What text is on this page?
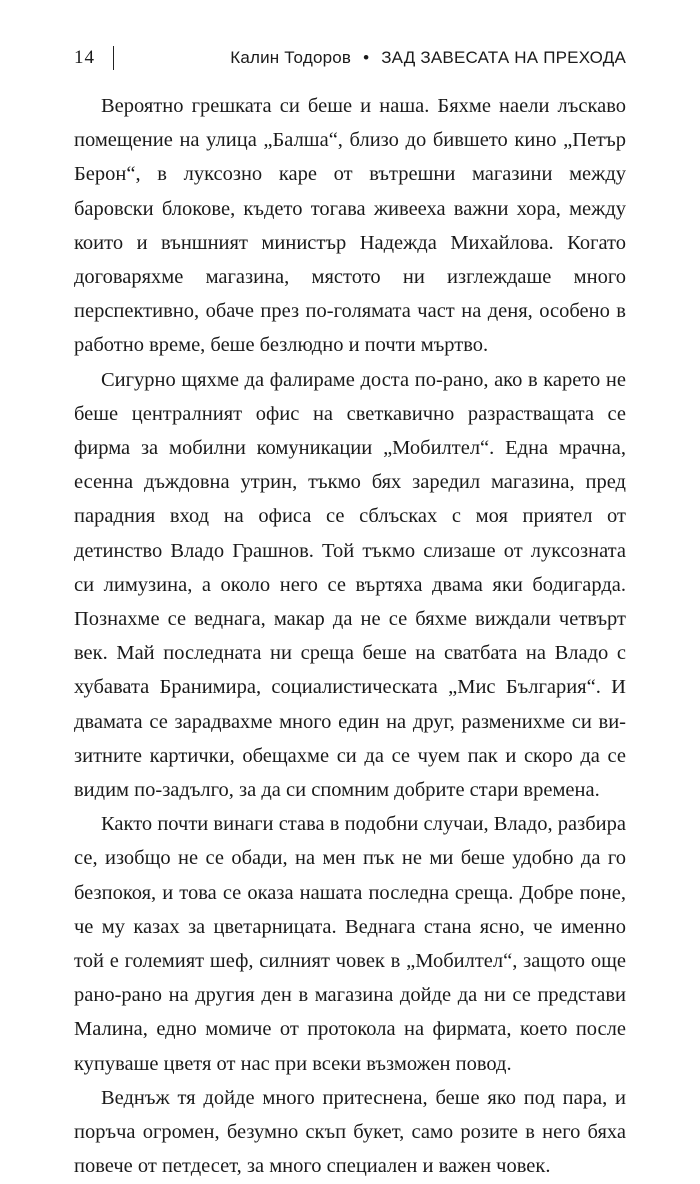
14	Калин Тодоров • ЗАД ЗАВЕСАТА НА ПРЕХОДА

Вероятно грешката си беше и наша. Бяхме наели лъскаво помещение на улица „Балша“, близо до бившето кино „Петър Берон“, в луксозно каре от вътрешни магазини между баровски блокове, където тогава живееха важни хора, между които и външният министър Надежда Михайлова. Когато договаряхме магазина, мястото ни изглеждаше много перспективно, обаче през по-голямата част на деня, особено в работно време, беше безлюдно и почти мъртво.

Сигурно щяхме да фалираме доста по-рано, ако в карето не беше централният офис на светкавично разрастващата се фирма за мобилни комуникации „Мобилтел“. Една мрачна, есенна дъждовна утрин, тъкмо бях заредил магазина, пред парадния вход на офиса се сблъсках с моя приятел от детинство Владо Грашнов. Той тъкмо слизаше от луксозната си лимузина, а около него се въртяха двама яки бодигарда. Познахме се веднага, макар да не се бяхме виждали четвърт век. Май последната ни среща беше на сватбата на Владо с хубавата Бранимира, социалистическата „Мис България“. И двамата се зарадвахме много един на друг, разменихме си визитните картички, обещахме си да се чуем пак и скоро да се видим по-задълго, за да си спомним добрите стари времена.

Както почти винаги става в подобни случаи, Владо, разбира се, изобщо не се обади, на мен пък не ми беше удобно да го безпокоя, и това се оказа нашата последна среща. Добре поне, че му казах за цветарницата. Веднага стана ясно, че именно той е големият шеф, силният човек в „Мобилтел“, защото още рано-рано на другия ден в магазина дойде да ни се представи Малина, едно момиче от протокола на фирмата, което после купуваше цветя от нас при всеки възможен повод.

Веднъж тя дойде много притеснена, беше яко под пара, и поръча огромен, безумно скъп букет, само розите в него бяха повече от петдесет, за много специален и важен човек.
